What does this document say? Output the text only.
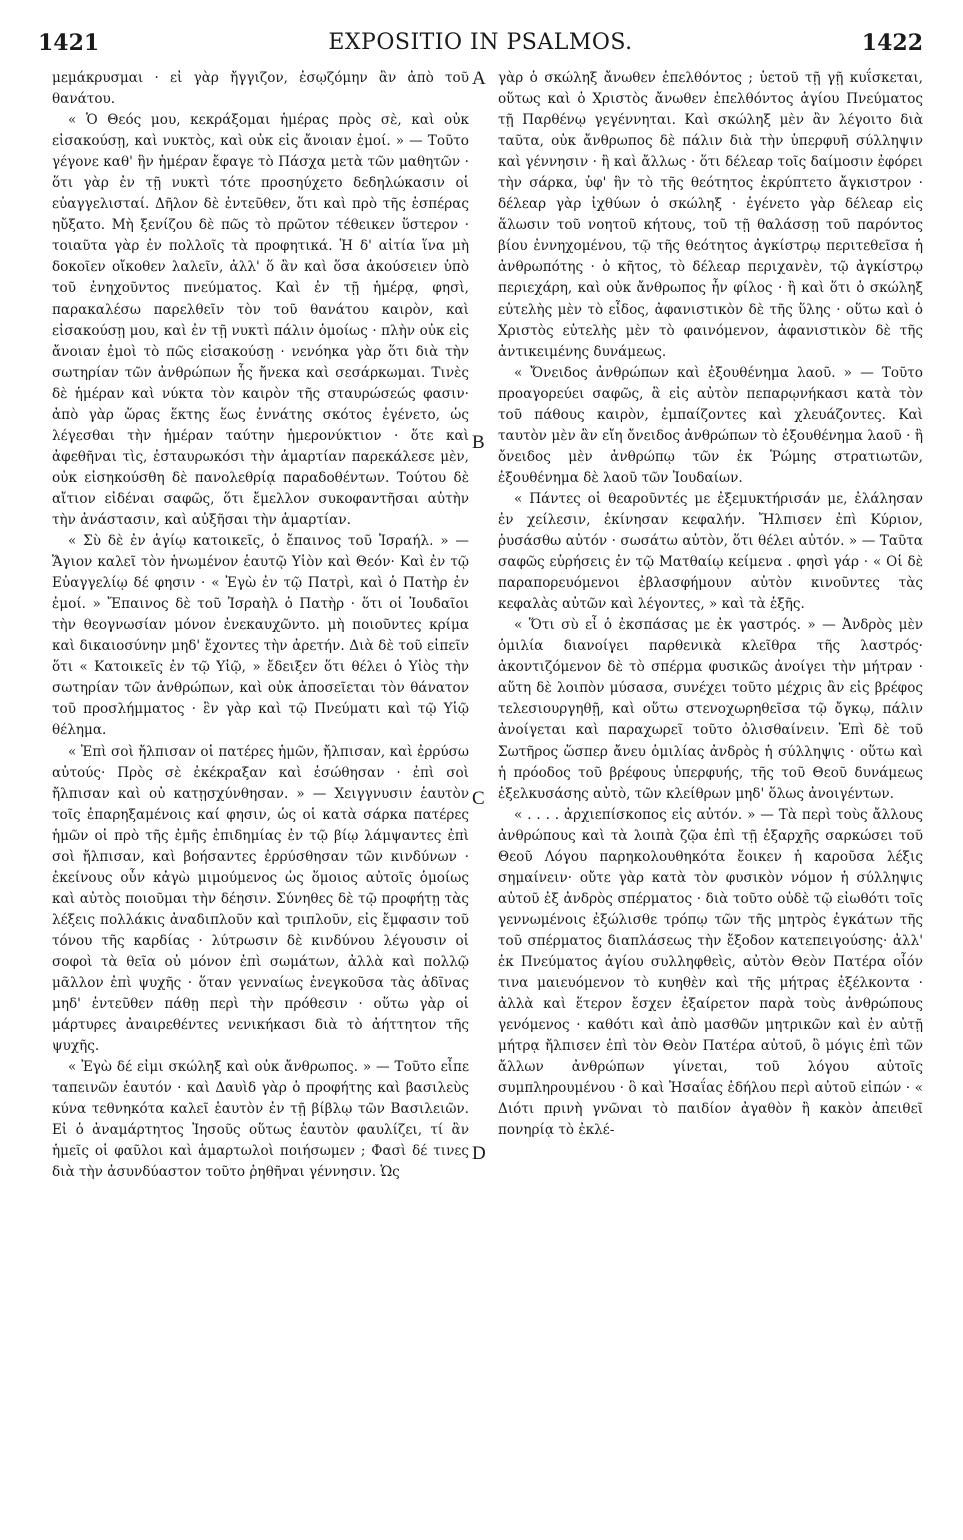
1421	EXPOSITIO IN PSALMOS.	1422

μεμάκρυσμαι · εἰ γὰρ ἤγγιζον, ἐσῳζόμην ἂν ἀπὸ τοῦ θανάτου.

« Ὁ Θεός μου, κεκράξομαι ἡμέρας πρὸς σὲ, καὶ οὐκ εἰσακούσῃ, καὶ νυκτὸς, καὶ οὐκ εἰς ἄνοιαν ἐμοί. » — Τοῦτο γέγονε καθ' ἣν ἡμέραν ἔφαγε τὸ Πάσχα μετὰ τῶν μαθητῶν · ὅτι γὰρ ἐν τῇ νυκτὶ τότε προσηύχετο δεδηλώκασιν οἱ εὐαγγελισταί. Δῆλον δὲ ἐντεῦθεν, ὅτι καὶ πρὸ τῆς ἑσπέρας ηὔξατο. Μὴ ξενίζου δὲ πῶς τὸ πρῶτον τέθεικεν ὕστερον · τοιαῦτα γὰρ ἐν πολλοῖς τὰ προφητικά. Ἡ δ' αἰτία ἵνα μὴ δοκοῖεν οἴκοθεν λαλεῖν, ἀλλ' ὅ ἂν καὶ ὅσα ἀκούσειεν ὑπὸ τοῦ ἐνηχοῦντος πνεύματος. Καὶ ἐν τῇ ἡμέρᾳ, φησὶ, παρακαλέσω παρελθεῖν τὸν τοῦ θανάτου καιρὸν, καὶ εἰσακούσῃ μου, καὶ ἐν τῇ νυκτὶ πάλιν ὁμοίως · πλὴν οὐκ εἰς ἄνοιαν ἐμοὶ τὸ πῶς εἰσακούσῃ · νενόηκα γὰρ ὅτι διὰ τὴν σωτηρίαν τῶν ἀνθρώπων ἧς ἤνεκα καὶ σεσάρκωμαι. Τινὲς δὲ ἡμέραν καὶ νύκτα τὸν καιρὸν τῆς σταυρώσεώς φασιν· ἀπὸ γὰρ ὥρας ἕκτης ἕως ἐννάτης σκότος ἐγένετο, ὡς λέγεσθαι τὴν ἡμέραν ταύτην ἡμερονύκτιον · ὅτε καὶ ἀφεθῆναι τὶς, ἐσταυρωκόσι τὴν ἁμαρτίαν παρεκάλεσε μὲν, οὐκ εἰσηκούσθη δὲ πανολεθρίᾳ παραδοθέντων. Τούτου δὲ αἴτιον εἰδέναι σαφῶς, ὅτι ἔμελλον συκοφαντῆσαι αὐτὴν τὴν ἀνάστασιν, καὶ αὐξῆσαι τὴν ἁμαρτίαν.

« Σὺ δὲ ἐν ἁγίῳ κατοικεῖς, ὁ ἔπαινος τοῦ Ἰσραήλ. » — Ἅγιον καλεῖ τὸν ἡνωμένον ἑαυτῷ Υἱὸν καὶ Θεόν· Καὶ ἐν τῷ Εὐαγγελίῳ δέ φησιν · « Ἐγὼ ἐν τῷ Πατρὶ, καὶ ὁ Πατὴρ ἐν ἐμοί. » Ἔπαινος δὲ τοῦ Ἰσραὴλ ὁ Πατὴρ · ὅτι οἱ Ἰουδαῖοι τὴν θεογνωσίαν μόνον ἐνεκαυχῶντο. μὴ ποιοῦντες κρίμα καὶ δικαιοσύνην μηδ' ἔχοντες τὴν ἀρετήν. Διὰ δὲ τοῦ εἰπεῖν ὅτι « Κατοικεῖς ἐν τῷ Υἱῷ, » ἔδειξεν ὅτι θέλει ὁ Υἱὸς τὴν σωτηρίαν τῶν ἀνθρώπων, καὶ οὐκ ἀποσεῖεται τὸν θάνατον τοῦ προσλήμματος · ἓν γὰρ καὶ τῷ Πνεύματι καὶ τῷ Υἱῷ θέλημα.

« Ἐπὶ σοὶ ἤλπισαν οἱ πατέρες ἡμῶν, ἤλπισαν, καὶ ἐρρύσω αὐτούς· Πρὸς σὲ ἐκέκραξαν καὶ ἐσώθησαν · ἐπὶ σοὶ ἤλπισαν καὶ οὐ κατῃσχύνθησαν. » — Χειγγνυσιν ἑαυτὸν τοῖς ἐπαρηξαμένοις καί φησιν, ὡς οἱ κατὰ σάρκα πατέρες ἡμῶν οἱ πρὸ τῆς ἐμῆς ἐπιδημίας ἐν τῷ βίῳ λάμψαντες ἐπὶ σοὶ ἤλπισαν, καὶ βοήσαντες ἐρρύσθησαν τῶν κινδύνων · ἐκείνους οὖν κἀγὼ μιμούμενος ὡς ὅμοιος αὐτοῖς ὁμοίως καὶ αὐτὸς ποιοῦμαι τὴν δέησιν. Σύνηθες δὲ τῷ προφήτῃ τὰς λέξεις πολλάκις ἀναδιπλοῦν καὶ τριπλοῦν, εἰς ἔμφασιν τοῦ τόνου τῆς καρδίας · λύτρωσιν δὲ κινδύνου λέγουσιν οἱ σοφοὶ τὰ θεῖα οὐ μόνον ἐπὶ σωμάτων, ἀλλὰ καὶ πολλῷ μᾶλλον ἐπὶ ψυχῆς · ὅταν γενναίως ἐνεγκοῦσα τὰς ἀδῖνας μηδ' ἐντεῦθεν πάθῃ περὶ τὴν πρόθεσιν · οὕτω γὰρ οἱ μάρτυρες ἀναιρεθέντες νενικήκασι διὰ τὸ ἀήττητον τῆς ψυχῆς.

« Ἐγὼ δέ εἰμι σκώληξ καὶ οὐκ ἄνθρωπος. » — Τοῦτο εἶπε ταπεινῶν ἑαυτόν · καὶ Δαυὶδ γὰρ ὁ προφήτης καὶ βασιλεὺς κύνα τεθνηκότα καλεῖ ἑαυτὸν ἐν τῇ βίβλῳ τῶν Βασιλειῶν. Εἰ ὁ ἀναμάρτητος Ἰησοῦς οὕτως ἑαυτὸν φαυλίζει, τί ἂν ἡμεῖς οἱ φαῦλοι καὶ ἁμαρτωλοὶ ποιήσωμεν ; Φασὶ δέ τινες διὰ τὴν ἀσυνδύαστον τοῦτο ῥηθῆναι γέννησιν. Ὡς

A
B
C
D

γὰρ ὁ σκώληξ ἄνωθεν ἐπελθόντος ; ὑετοῦ τῇ γῇ κυΐσκεται, οὕτως καὶ ὁ Χριστὸς ἄνωθεν ἐπελθόντος ἁγίου Πνεύματος τῇ Παρθένῳ γεγέννηται. Καὶ σκώληξ μὲν ἂν λέγοιτο διὰ ταῦτα, οὐκ ἄνθρωπος δὲ πάλιν διὰ τὴν ὑπερφυῆ σύλληψιν καὶ γέννησιν · ἢ καὶ ἄλλως · ὅτι δέλεαρ τοῖς δαίμοσιν ἐφόρει τὴν σάρκα, ὑφ' ἣν τὸ τῆς θεότητος ἐκρύπτετο ἄγκιστρον · δέλεαρ γὰρ ἰχθύων ὁ σκώληξ · ἐγένετο γὰρ δέλεαρ εἰς ἅλωσιν τοῦ νοητοῦ κήτους, τοῦ τῇ θαλάσσῃ τοῦ παρόντος βίου ἐννηχομένου, τῷ τῆς θεότητος ἀγκίστρῳ περιτεθεῖσα ἡ ἀνθρωπότης · ὁ κῆτος, τὸ δέλεαρ περιχανὲν, τῷ ἀγκίστρῳ περιεχάρη, καὶ οὐκ ἄνθρωπος ἦν φίλος · ἢ καὶ ὅτι ὁ σκώληξ εὐτελὴς μὲν τὸ εἶδος, ἀφανιστικὸν δὲ τῆς ὕλης · οὕτω καὶ ὁ Χριστὸς εὐτελὴς μὲν τὸ φαινόμενον, ἀφανιστικὸν δὲ τῆς ἀντικειμένης δυνάμεως.

« Ὄνειδος ἀνθρώπων καὶ ἐξουθένημα λαοῦ. » — Τοῦτο προαγορεύει σαφῶς, ἃ εἰς αὐτὸν πεπαρῳνήκασι κατὰ τὸν τοῦ πάθους καιρὸν, ἐμπαίζοντες καὶ χλευάζοντες. Καὶ ταυτὸν μὲν ἂν εἴη ὄνειδος ἀνθρώπων τὸ ἐξουθένημα λαοῦ · ἢ ὄνειδος μὲν ἀνθρώπῳ τῶν ἐκ Ῥώμης στρατιωτῶν, ἐξουθένημα δὲ λαοῦ τῶν Ἰουδαίων.

« Πάντες οἱ θεαροῦντές με ἐξεμυκτήρισάν με, ἐλάλησαν ἐν χείλεσιν, ἐκίνησαν κεφαλήν. Ἤλπισεν ἐπὶ Κύριον, ῥυσάσθω αὐτόν · σωσάτω αὐτὸν, ὅτι θέλει αὐτόν. » — Ταῦτα σαφῶς εὑρήσεις ἐν τῷ Ματθαίῳ κείμενα . φησὶ γάρ · « Οἱ δὲ παραπορευόμενοι ἐβλασφήμουν αὐτὸν κινοῦντες τὰς κεφαλὰς αὐτῶν καὶ λέγοντες, » καὶ τὰ ἑξῆς.

« Ὅτι σὺ εἶ ὁ ἐκσπάσας με ἐκ γαστρός. » — Ἀνδρὸς μὲν ὁμιλία διανοίγει παρθενικὰ κλεῖθρα τῆς λαστρός· ἀκοντιζόμενον δὲ τὸ σπέρμα φυσικῶς ἀνοίγει τὴν μήτραν · αὕτη δὲ λοιπὸν μύσασα, συνέχει τοῦτο μέχρις ἂν εἰς βρέφος τελεσιουργηθῇ, καὶ οὕτω στενοχωρηθεῖσα τῷ ὄγκῳ, πάλιν ἀνοίγεται καὶ παραχωρεῖ τοῦτο ὀλισθαίνειν. Ἐπὶ δὲ τοῦ Σωτῆρος ὥσπερ ἄνευ ὁμιλίας ἀνδρὸς ἡ σύλληψις · οὕτω καὶ ἡ πρόοδος τοῦ βρέφους ὑπερφυής, τῆς τοῦ Θεοῦ δυνάμεως ἐξελκυσάσης αὐτὸ, τῶν κλείθρων μηδ' ὅλως ἀνοιγέντων.

« . . . . ἀρχιεπίσκοπος εἰς αὐτόν. » — Τὰ περὶ τοὺς ἄλλους ἀνθρώπους καὶ τὰ λοιπὰ ζῷα ἐπὶ τῇ ἐξαρχῆς σαρκώσει τοῦ Θεοῦ Λόγου παρηκολουθηκότα ἔοικεν ἡ καροῦσα λέξις σημαίνειν· οὔτε γὰρ κατὰ τὸν φυσικὸν νόμον ἡ σύλληψις αὐτοῦ ἐξ ἀνδρὸς σπέρματος · διὰ τοῦτο οὐδὲ τῷ εἰωθότι τοῖς γεννωμένοις ἐξώλισθε τρόπῳ τῶν τῆς μητρὸς ἐγκάτων τῆς τοῦ σπέρματος διαπλάσεως τὴν ἔξοδον κατεπειγούσης· ἀλλ' ἐκ Πνεύματος ἁγίου συλληφθεὶς, αὐτὸν Θεὸν Πατέρα οἷόν τινα μαιευόμενον τὸ κυηθὲν καὶ τῆς μήτρας ἐξέλκοντα · ἀλλὰ καὶ ἕτερον ἔσχεν ἐξαίρετον παρὰ τοὺς ἀνθρώπους γενόμενος · καθότι καὶ ἀπὸ μασθῶν μητρικῶν καὶ ἐν αὐτῇ μήτρᾳ ἤλπισεν ἐπὶ τὸν Θεὸν Πατέρα αὐτοῦ, ὃ μόγις ἐπὶ τῶν ἄλλων ἀνθρώπων γίνεται, τοῦ λόγου αὐτοῖς συμπληρουμένου · ὃ καὶ Ἠσαΐας ἐδήλου περὶ αὐτοῦ εἰπών · « Διότι πρινὴ γνῶναι τὸ παιδίον ἀγαθὸν ἢ κακὸν ἀπειθεῖ πονηρίᾳ τὸ ἐκλέ-
